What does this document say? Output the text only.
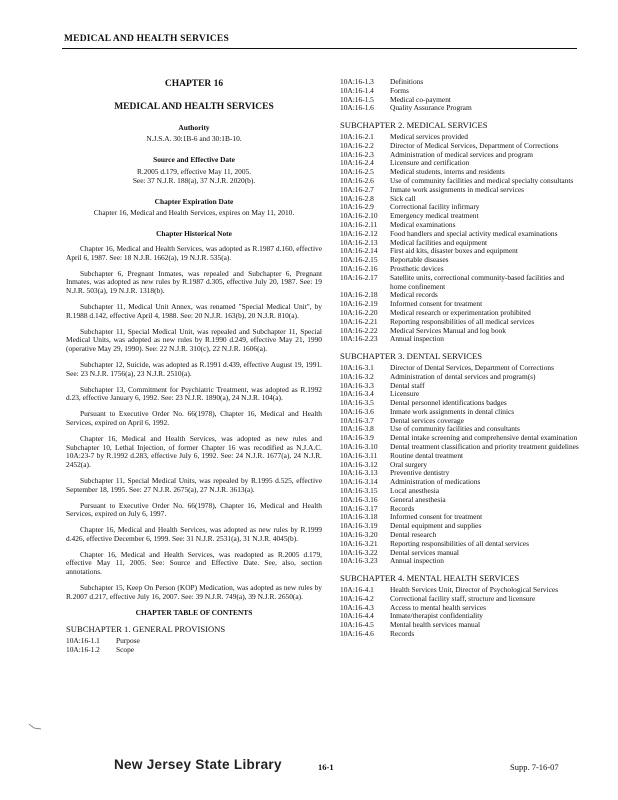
MEDICAL AND HEALTH SERVICES
CHAPTER 16
MEDICAL AND HEALTH SERVICES
Authority
N.J.S.A. 30:1B-6 and 30:1B-10.
Source and Effective Date
R.2005 d.179, effective May 11, 2005.
See: 37 N.J.R. 188(a), 37 N.J.R. 2020(b).
Chapter Expiration Date
Chapter 16, Medical and Health Services, expires on May 11, 2010.
Chapter Historical Note
Chapter 16, Medical and Health Services, was adopted as R.1987 d.160, effective April 6, 1987. See: 18 N.J.R. 1662(a), 19 N.J.R. 535(a).
Subchapter 6, Pregnant Inmates, was repealed and Subchapter 6, Pregnant Inmates, was adopted as new rules by R.1987 d.305, effective July 20, 1987. See: 19 N.J.R. 503(a), 19 N.J.R. 1318(b).
Subchapter 11, Medical Unit Annex, was renamed "Special Medical Unit", by R.1988 d.142, effective April 4, 1988. See: 20 N.J.R. 163(b), 20 N.J.R. 810(a).
Subchapter 11, Special Medical Unit, was repealed and Subchapter 11, Special Medical Units, was adopted as new rules by R.1990 d.249, effective May 21, 1990 (operative May 29, 1990). See: 22 N.J.R. 310(c), 22 N.J.R. 1606(a).
Subchapter 12, Suicide, was adopted as R.1991 d.439, effective August 19, 1991. See: 23 N.J.R. 1756(a), 23 N.J.R. 2510(a).
Subchapter 13, Commitment for Psychiatric Treatment, was adopted as R.1992 d.23, effective January 6, 1992. See: 23 N.J.R. 1890(a), 24 N.J.R. 104(a).
Pursuant to Executive Order No. 66(1978), Chapter 16, Medical and Health Services, expired on April 6, 1992.
Chapter 16, Medical and Health Services, was adopted as new rules and Subchapter 10, Lethal Injection, of former Chapter 16 was recodified as N.J.A.C. 10A:23-7 by R.1992 d.283, effective July 6, 1992. See: 24 N.J.R. 1677(a), 24 N.J.R. 2452(a).
Subchapter 11, Special Medical Units, was repealed by R.1995 d.525, effective September 18, 1995. See: 27 N.J.R. 2675(a), 27 N.J.R. 3613(a).
Pursuant to Executive Order No. 66(1978), Chapter 16, Medical and Health Services, expired on July 6, 1997.
Chapter 16, Medical and Health Services, was adopted as new rules by R.1999 d.426, effective December 6, 1999. See: 31 N.J.R. 2531(a), 31 N.J.R. 4045(b).
Chapter 16, Medical and Health Services, was readopted as R.2005 d.179, effective May 11, 2005. See: Source and Effective Date. See, also, section annotations.
Subchapter 15, Keep On Person (KOP) Medication, was adopted as new rules by R.2007 d.217, effective July 16, 2007. See: 39 N.J.R. 749(a), 39 N.J.R. 2650(a).
CHAPTER TABLE OF CONTENTS
SUBCHAPTER 1. GENERAL PROVISIONS
10A:16-1.1	Purpose
10A:16-1.2	Scope
10A:16-1.3	Definitions
10A:16-1.4	Forms
10A:16-1.5	Medical co-payment
10A:16-1.6	Quality Assurance Program
SUBCHAPTER 2. MEDICAL SERVICES
10A:16-2.1	Medical services provided
10A:16-2.2	Director of Medical Services, Department of Corrections
10A:16-2.3	Administration of medical services and program
10A:16-2.4	Licensure and certification
10A:16-2.5	Medical students, interns and residents
10A:16-2.6	Use of community facilities and medical specialty consultants
10A:16-2.7	Inmate work assignments in medical services
10A:16-2.8	Sick call
10A:16-2.9	Correctional facility infirmary
10A:16-2.10	Emergency medical treatment
10A:16-2.11	Medical examinations
10A:16-2.12	Food handlers and special activity medical examinations
10A:16-2.13	Medical facilities and equipment
10A:16-2.14	First aid kits, disaster boxes and equipment
10A:16-2.15	Reportable diseases
10A:16-2.16	Prosthetic devices
10A:16-2.17	Satellite units, correctional community-based facilities and home confinement
10A:16-2.18	Medical records
10A:16-2.19	Informed consent for treatment
10A:16-2.20	Medical research or experimentation prohibited
10A:16-2.21	Reporting responsibilities of all medical services
10A:16-2.22	Medical Services Manual and log book
10A:16-2.23	Annual inspection
SUBCHAPTER 3. DENTAL SERVICES
10A:16-3.1	Director of Dental Services, Department of Corrections
10A:16-3.2	Administration of dental services and program(s)
10A:16-3.3	Dental staff
10A:16-3.4	Licensure
10A:16-3.5	Dental personnel identifications badges
10A:16-3.6	Inmate work assignments in dental clinics
10A:16-3.7	Dental services coverage
10A:16-3.8	Use of community facilities and consultants
10A:16-3.9	Dental intake screening and comprehensive dental examination
10A:16-3.10	Dental treatment classification and priority treatment guidelines
10A:16-3.11	Routine dental treatment
10A:16-3.12	Oral surgery
10A:16-3.13	Preventive dentistry
10A:16-3.14	Administration of medications
10A:16-3.15	Local anesthesia
10A:16-3.16	General anesthesia
10A:16-3.17	Records
10A:16-3.18	Informed consent for treatment
10A:16-3.19	Dental equipment and supplies
10A:16-3.20	Dental research
10A:16-3.21	Reporting responsibilities of all dental services
10A:16-3.22	Dental services manual
10A:16-3.23	Annual inspection
SUBCHAPTER 4. MENTAL HEALTH SERVICES
10A:16-4.1	Health Services Unit, Director of Psychological Services
10A:16-4.2	Correctional facility staff, structure and licensure
10A:16-4.3	Access to mental health services
10A:16-4.4	Inmate/therapist confidentiality
10A:16-4.5	Mental health services manual
10A:16-4.6	Records
New Jersey State Library	16-1	Supp. 7-16-07
